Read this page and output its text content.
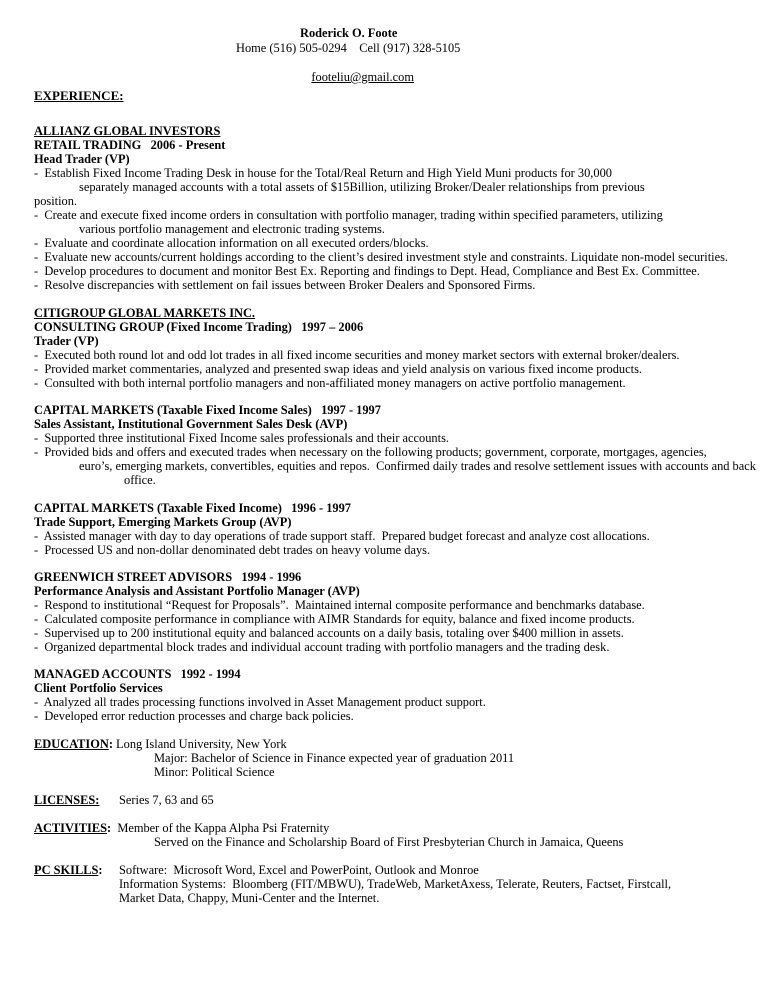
Roderick O. Foote
Home (516) 505-0294    Cell (917) 328-5105

footeliu@gmail.com

EXPERIENCE:
ALLIANZ GLOBAL INVESTORS
RETAIL TRADING   2006 - Present
Head Trader (VP)
-  Establish Fixed Income Trading Desk in house for the Total/Real Return and High Yield Muni products for 30,000
separately managed accounts with a total assets of $15Billion, utilizing Broker/Dealer relationships from previous
position.
-  Create and execute fixed income orders in consultation with portfolio manager, trading within specified parameters, utilizing
various portfolio management and electronic trading systems.
-  Evaluate and coordinate allocation information on all executed orders/blocks.
-  Evaluate new accounts/current holdings according to the client’s desired investment style and constraints. Liquidate non-model securities.
-  Develop procedures to document and monitor Best Ex. Reporting and findings to Dept. Head, Compliance and Best Ex. Committee.
-  Resolve discrepancies with settlement on fail issues between Broker Dealers and Sponsored Firms.
CITIGROUP GLOBAL MARKETS INC.
CONSULTING GROUP (Fixed Income Trading)   1997 – 2006
Trader (VP)
-  Executed both round lot and odd lot trades in all fixed income securities and money market sectors with external broker/dealers.
-  Provided market commentaries, analyzed and presented swap ideas and yield analysis on various fixed income products.
-  Consulted with both internal portfolio managers and non-affiliated money managers on active portfolio management.
CAPITAL MARKETS (Taxable Fixed Income Sales)   1997 - 1997
Sales Assistant, Institutional Government Sales Desk (AVP)
-  Supported three institutional Fixed Income sales professionals and their accounts.
-  Provided bids and offers and executed trades when necessary on the following products; government, corporate, mortgages, agencies,
euro’s, emerging markets, convertibles, equities and repos.  Confirmed daily trades and resolve settlement issues with accounts and back
office.
CAPITAL MARKETS (Taxable Fixed Income)   1996 - 1997
Trade Support, Emerging Markets Group (AVP)
-  Assisted manager with day to day operations of trade support staff.  Prepared budget forecast and analyze cost allocations.
-  Processed US and non-dollar denominated debt trades on heavy volume days.
GREENWICH STREET ADVISORS   1994 - 1996
Performance Analysis and Assistant Portfolio Manager (AVP)
-  Respond to institutional “Request for Proposals”.  Maintained internal composite performance and benchmarks database.
-  Calculated composite performance in compliance with AIMR Standards for equity, balance and fixed income products.
-  Supervised up to 200 institutional equity and balanced accounts on a daily basis, totaling over $400 million in assets.
-  Organized departmental block trades and individual account trading with portfolio managers and the trading desk.
MANAGED ACCOUNTS   1992 - 1994
Client Portfolio Services
-  Analyzed all trades processing functions involved in Asset Management product support.
-  Developed error reduction processes and charge back policies.
EDUCATION: Long Island University, New York
Major: Bachelor of Science in Finance expected year of graduation 2011
Minor: Political Science
LICENSES: Series 7, 63 and 65
ACTIVITIES:  Member of the Kappa Alpha Psi Fraternity
Served on the Finance and Scholarship Board of First Presbyterian Church in Jamaica, Queens
PC SKILLS: Software:  Microsoft Word, Excel and PowerPoint, Outlook and Monroe
Information Systems:  Bloomberg (FIT/MBWU), TradeWeb, MarketAxess, Telerate, Reuters, Factset, Firstcall,
Market Data, Chappy, Muni-Center and the Internet.
